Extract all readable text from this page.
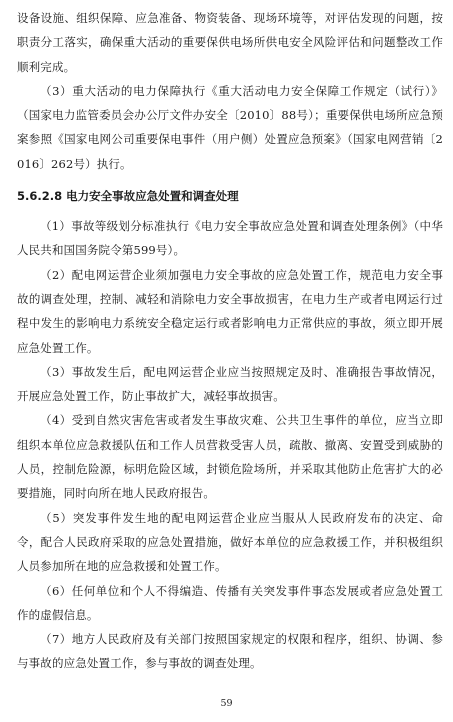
设备设施、组织保障、应急准备、物资装备、现场环境等，对评估发现的问题，按职责分工落实，确保重大活动的重要保供电场所供电安全风险评估和问题整改工作顺利完成。

（3）重大活动的电力保障执行《重大活动电力安全保障工作规定（试行）》（国家电力监管委员会办公厅文件办安全〔2010〕88号）；重要保供电场所应急预案参照《国家电网公司重要保电事件（用户侧）处置应急预案》（国家电网营销〔2016〕262号）执行。

5.6.2.8 电力安全事故应急处置和调查处理

（1）事故等级划分标准执行《电力安全事故应急处置和调查处理条例》（中华人民共和国国务院令第599号）。

（2）配电网运营企业须加强电力安全事故的应急处置工作，规范电力安全事故的调查处理，控制、减轻和消除电力安全事故损害，在电力生产或者电网运行过程中发生的影响电力系统安全稳定运行或者影响电力正常供应的事故，须立即开展应急处置工作。

（3）事故发生后，配电网运营企业应当按照规定及时、准确报告事故情况，开展应急处置工作，防止事故扩大，减轻事故损害。

（4）受到自然灾害危害或者发生事故灾难、公共卫生事件的单位，应当立即组织本单位应急救援队伍和工作人员营救受害人员，疏散、撤离、安置受到威胁的人员，控制危险源，标明危险区域，封锁危险场所，并采取其他防止危害扩大的必要措施，同时向所在地人民政府报告。

（5）突发事件发生地的配电网运营企业应当服从人民政府发布的决定、命令，配合人民政府采取的应急处置措施，做好本单位的应急救援工作，并积极组织人员参加所在地的应急救援和处置工作。

（6）任何单位和个人不得编造、传播有关突发事件事态发展或者应急处置工作的虚假信息。

（7）地方人民政府及有关部门按照国家规定的权限和程序，组织、协调、参与事故的应急处置工作，参与事故的调查处理。

59
